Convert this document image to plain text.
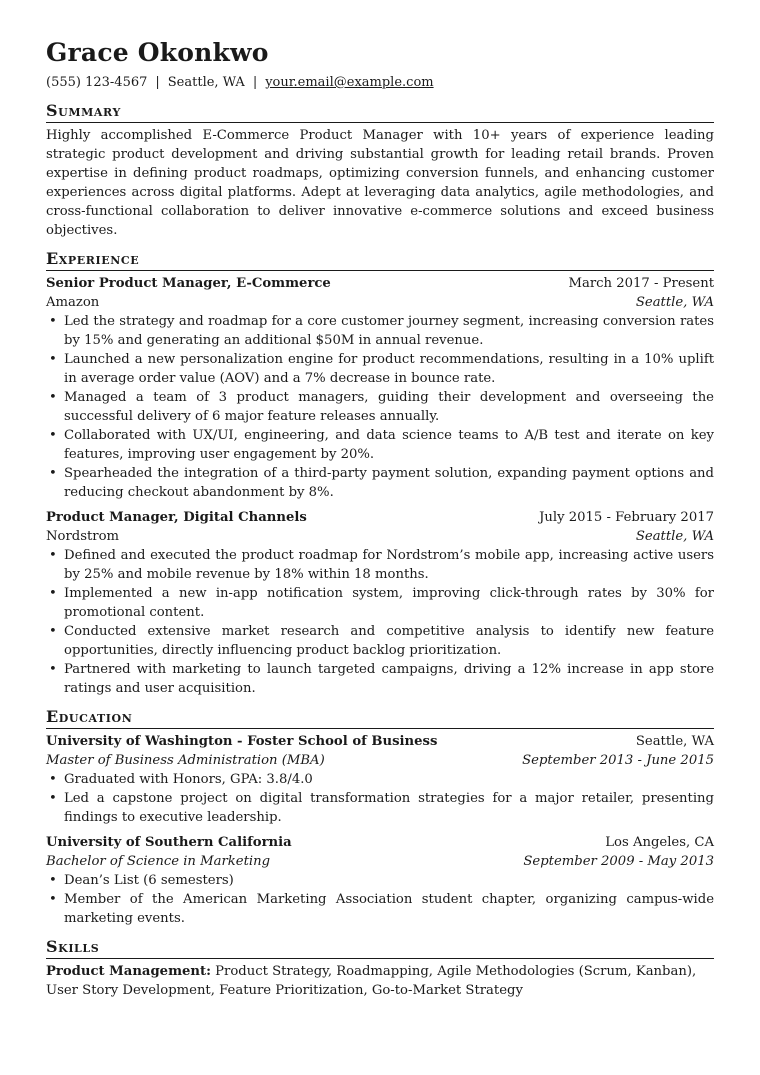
Grace Okonkwo
(555) 123-4567 | Seattle, WA | your.email@example.com
Summary
Highly accomplished E-Commerce Product Manager with 10+ years of experience leading strategic product development and driving substantial growth for leading retail brands. Proven expertise in defining product roadmaps, optimizing conversion funnels, and enhancing customer experiences across digital platforms. Adept at leveraging data analytics, agile methodologies, and cross-functional collaboration to deliver innovative e-commerce solutions and exceed business objectives.
Experience
Senior Product Manager, E-Commerce	March 2017 - Present
Amazon	Seattle, WA
• Led the strategy and roadmap for a core customer journey segment, increasing conversion rates by 15% and generating an additional $50M in annual revenue.
• Launched a new personalization engine for product recommendations, resulting in a 10% uplift in average order value (AOV) and a 7% decrease in bounce rate.
• Managed a team of 3 product managers, guiding their development and overseeing the successful delivery of 6 major feature releases annually.
• Collaborated with UX/UI, engineering, and data science teams to A/B test and iterate on key features, improving user engagement by 20%.
• Spearheaded the integration of a third-party payment solution, expanding payment options and reducing checkout abandonment by 8%.
Product Manager, Digital Channels	July 2015 - February 2017
Nordstrom	Seattle, WA
• Defined and executed the product roadmap for Nordstrom’s mobile app, increasing active users by 25% and mobile revenue by 18% within 18 months.
• Implemented a new in-app notification system, improving click-through rates by 30% for promotional content.
• Conducted extensive market research and competitive analysis to identify new feature opportunities, directly influencing product backlog prioritization.
• Partnered with marketing to launch targeted campaigns, driving a 12% increase in app store ratings and user acquisition.
Education
University of Washington - Foster School of Business	Seattle, WA
Master of Business Administration (MBA)	September 2013 - June 2015
• Graduated with Honors, GPA: 3.8/4.0
• Led a capstone project on digital transformation strategies for a major retailer, presenting findings to executive leadership.
University of Southern California	Los Angeles, CA
Bachelor of Science in Marketing	September 2009 - May 2013
• Dean’s List (6 semesters)
• Member of the American Marketing Association student chapter, organizing campus-wide marketing events.
Skills
Product Management: Product Strategy, Roadmapping, Agile Methodologies (Scrum, Kanban), User Story Development, Feature Prioritization, Go-to-Market Strategy
